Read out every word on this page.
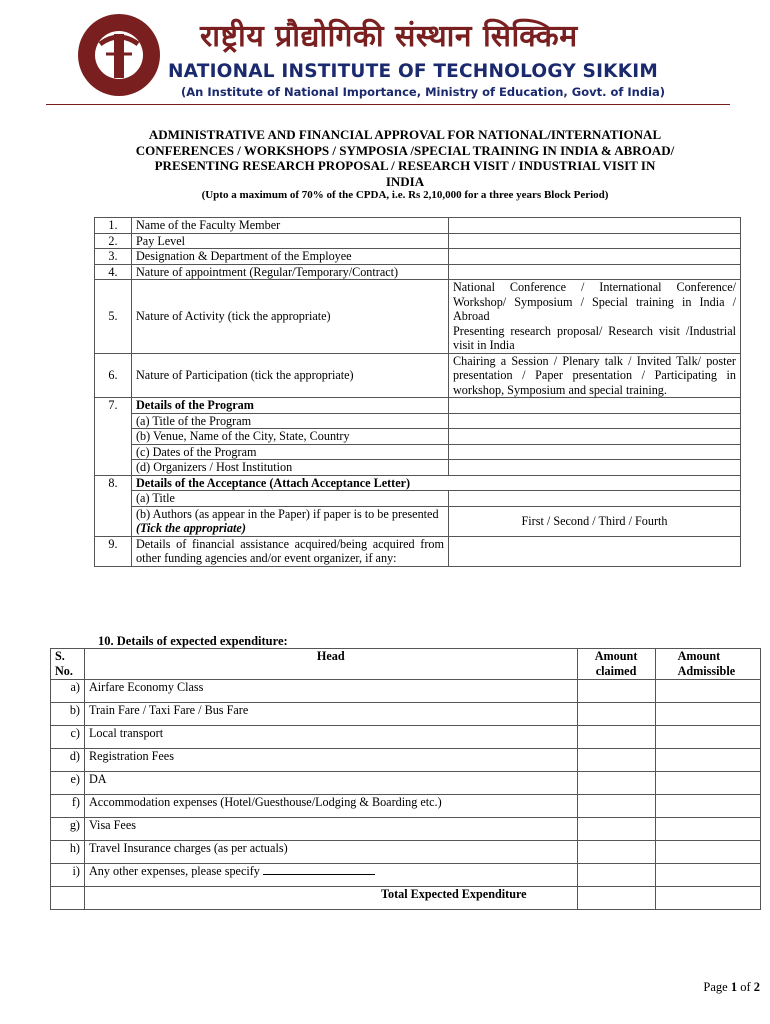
राष्ट्रीय प्रौद्योगिकी संस्थान सिक्किम
NATIONAL INSTITUTE OF TECHNOLOGY SIKKIM
(An Institute of National Importance, Ministry of Education, Govt. of India)
ADMINISTRATIVE AND FINANCIAL APPROVAL FOR NATIONAL/INTERNATIONAL
CONFERENCES / WORKSHOPS / SYMPOSIA /SPECIAL TRAINING IN INDIA & ABROAD/
PRESENTING RESEARCH PROPOSAL / RESEARCH VISIT / INDUSTRIAL VISIT IN
INDIA
(Upto a maximum of 70% of the CPDA, i.e. Rs 2,10,000 for a three years Block Period)
1.	Name of the Faculty Member	
2.	Pay Level	
3.	Designation & Department of the Employee	
4.	Nature of appointment (Regular/Temporary/Contract)	
5.	Nature of Activity (tick the appropriate)	National Conference / International Conference/ Workshop/ Symposium / Special training in India / Abroad
Presenting research proposal/ Research visit /Industrial visit in India

6.	Nature of Participation (tick the appropriate)	Chairing a Session / Plenary talk / Invited Talk/ poster presentation / Paper presentation / Participating in workshop, Symposium and special training.
7.	Details of the Program	
	(a) Title of the Program	
	(b) Venue, Name of the City, State, Country	
	(c) Dates of the Program	
	(d) Organizers / Host Institution	
8.	Details of the Acceptance (Attach Acceptance Letter)	
	(a) Title	
	(b) Authors (as appear in the Paper) if paper is to be presented (Tick the appropriate)	First / Second / Third / Fourth
9.	Details of financial assistance acquired/being acquired from other funding agencies and/or event organizer, if any:	
10. Details of expected expenditure:
S. No.	Head	Amount claimed	Amount Admissible
a)	Airfare Economy Class		
b)	Train Fare / Taxi Fare / Bus Fare		
c)	Local transport		
d)	Registration Fees		
e)	DA		
f)	Accommodation expenses (Hotel/Guesthouse/Lodging & Boarding etc.)		
g)	Visa Fees		
h)	Travel Insurance charges (as per actuals)		
i)	Any other expenses, please specify		
	Total Expected Expenditure		
Page 1 of 2
